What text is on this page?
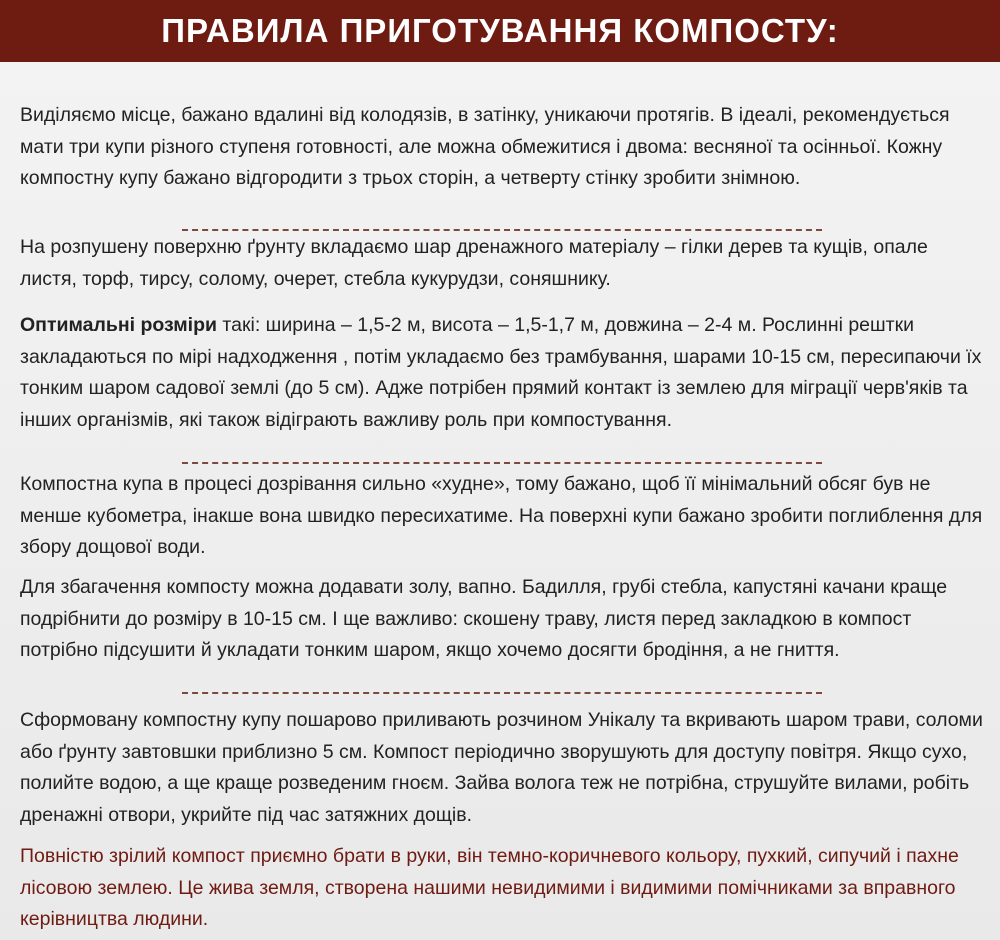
ПРАВИЛА ПРИГОТУВАННЯ КОМПОСТУ:

Виділяємо місце, бажано вдалині від колодязів, в затінку, уникаючи протягів. В ідеалі, рекомендується мати три купи різного ступеня готовності, але можна обмежитися і двома: весняної та осінньої. Кожну компостну купу бажано відгородити з трьох сторін, а четверту стінку зробити знімною.

На розпушену поверхню ґрунту вкладаємо шар дренажного матеріалу – гілки дерев та кущів, опале листя, торф, тирсу, солому, очерет, стебла кукурудзи, соняшнику.

Оптимальні розміри такі: ширина – 1,5-2 м, висота – 1,5-1,7 м, довжина – 2-4 м. Рослинні рештки закладаються по мірі надходження , потім укладаємо без трамбування, шарами 10-15 см, пересипаючи їх тонким шаром садової землі (до 5 см). Адже потрібен прямий контакт із землею для міграції черв'яків та інших організмів, які також відіграють важливу роль при компостування.

Компостна купа в процесі дозрівання сильно «худне», тому бажано, щоб її мінімальний обсяг був не менше кубометра, інакше вона швидко пересихатиме. На поверхні купи бажано зробити поглиблення для збору дощової води.

Для збагачення компосту можна додавати золу, вапно. Бадилля, грубі стебла, капустяні качани краще подрібнити до розміру в 10-15 см. І ще важливо: скошену траву, листя перед закладкою в компост потрібно підсушити й укладати тонким шаром, якщо хочемо досягти бродіння, а не гниття.

Сформовану компостну купу пошарово приливають розчином Унікалу та вкривають шаром трави, соломи або ґрунту завтовшки приблизно 5 см. Компост періодично зворушують для доступу повітря. Якщо сухо, полийте водою, а ще краще розведеним гноєм. Зайва волога теж не потрібна, струшуйте вилами, робіть дренажні отвори, укрийте під час затяжних дощів.

Повністю зрілий компост приємно брати в руки, він темно-коричневого кольору, пухкий, сипучий і пахне лісовою землею. Це жива земля, створена нашими невидимими і видимими помічниками за вправного керівництва людини.
